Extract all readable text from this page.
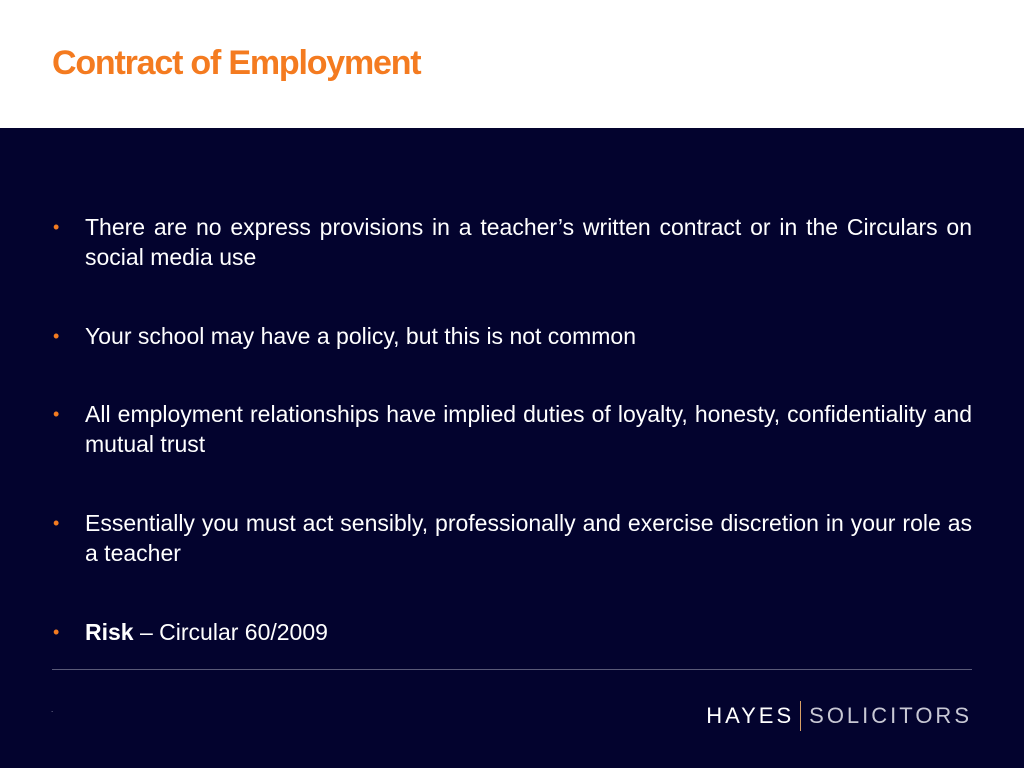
Contract of Employment
•	There are no express provisions in a teacher’s written contract or in the Circulars on social media use
•	Your school may have a policy, but this is not common
•	All employment relationships have implied duties of loyalty, honesty, confidentiality and mutual trust
•	Essentially you must act sensibly, professionally and exercise discretion in your role as a teacher
•	Risk – Circular 60/2009
.	HAYES SOLICITORS
